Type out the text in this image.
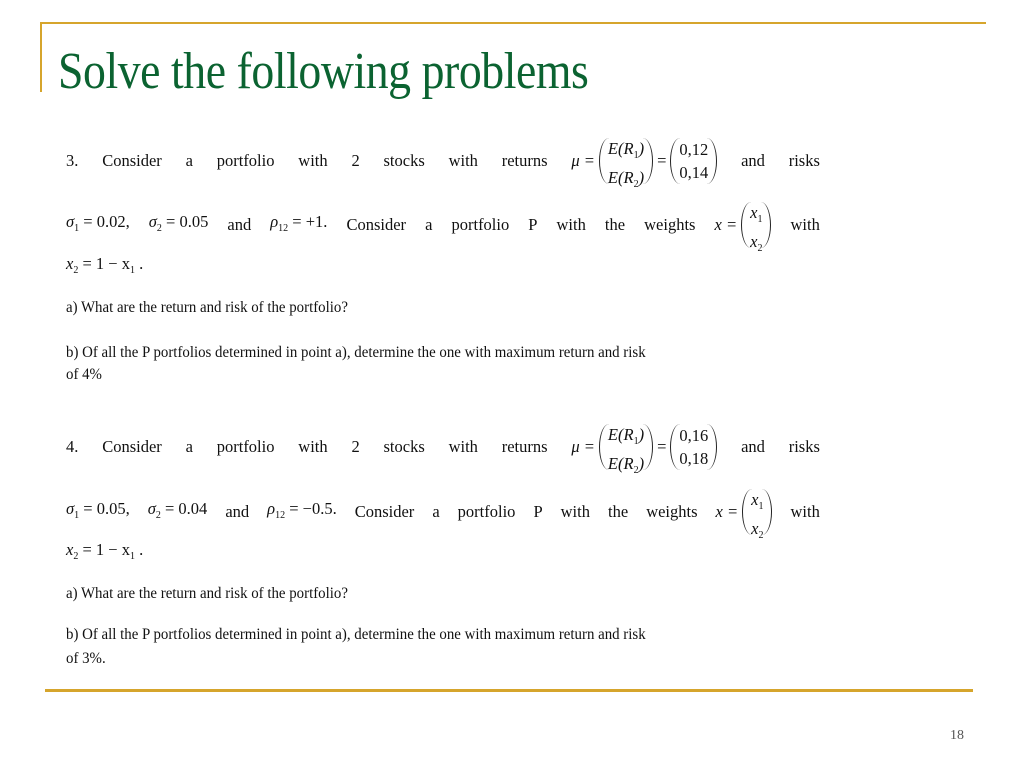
Solve the following problems
3. Consider a portfolio with 2 stocks with returns μ =
$E(R_1)$
$E(R_2)$
=
0,12
0,14
and risks
$\sigma_1 = 0.02$, $\sigma_2 = 0.05$ and $\rho_{12} = +1$. Consider a portfolio P with the weights x =
$x_1$
$x_2$
with
$x_2 = 1 - x_1$ .
a) What are the return and risk of the portfolio?
b) Of all the P portfolios determined in point a), determine the one with maximum return and risk
of 4%
4. Consider a portfolio with 2 stocks with returns μ =
$E(R_1)$
$E(R_2)$
=
0,16
0,18
and risks
$\sigma_1 = 0.05$, $\sigma_2 = 0.04$ and $\rho_{12} = -0.5$. Consider a portfolio P with the weights x =
$x_1$
$x_2$
with
$x_2 = 1 - x_1$ .
a) What are the return and risk of the portfolio?
b) Of all the P portfolios determined in point a), determine the one with maximum return and risk
of 3%.
18
